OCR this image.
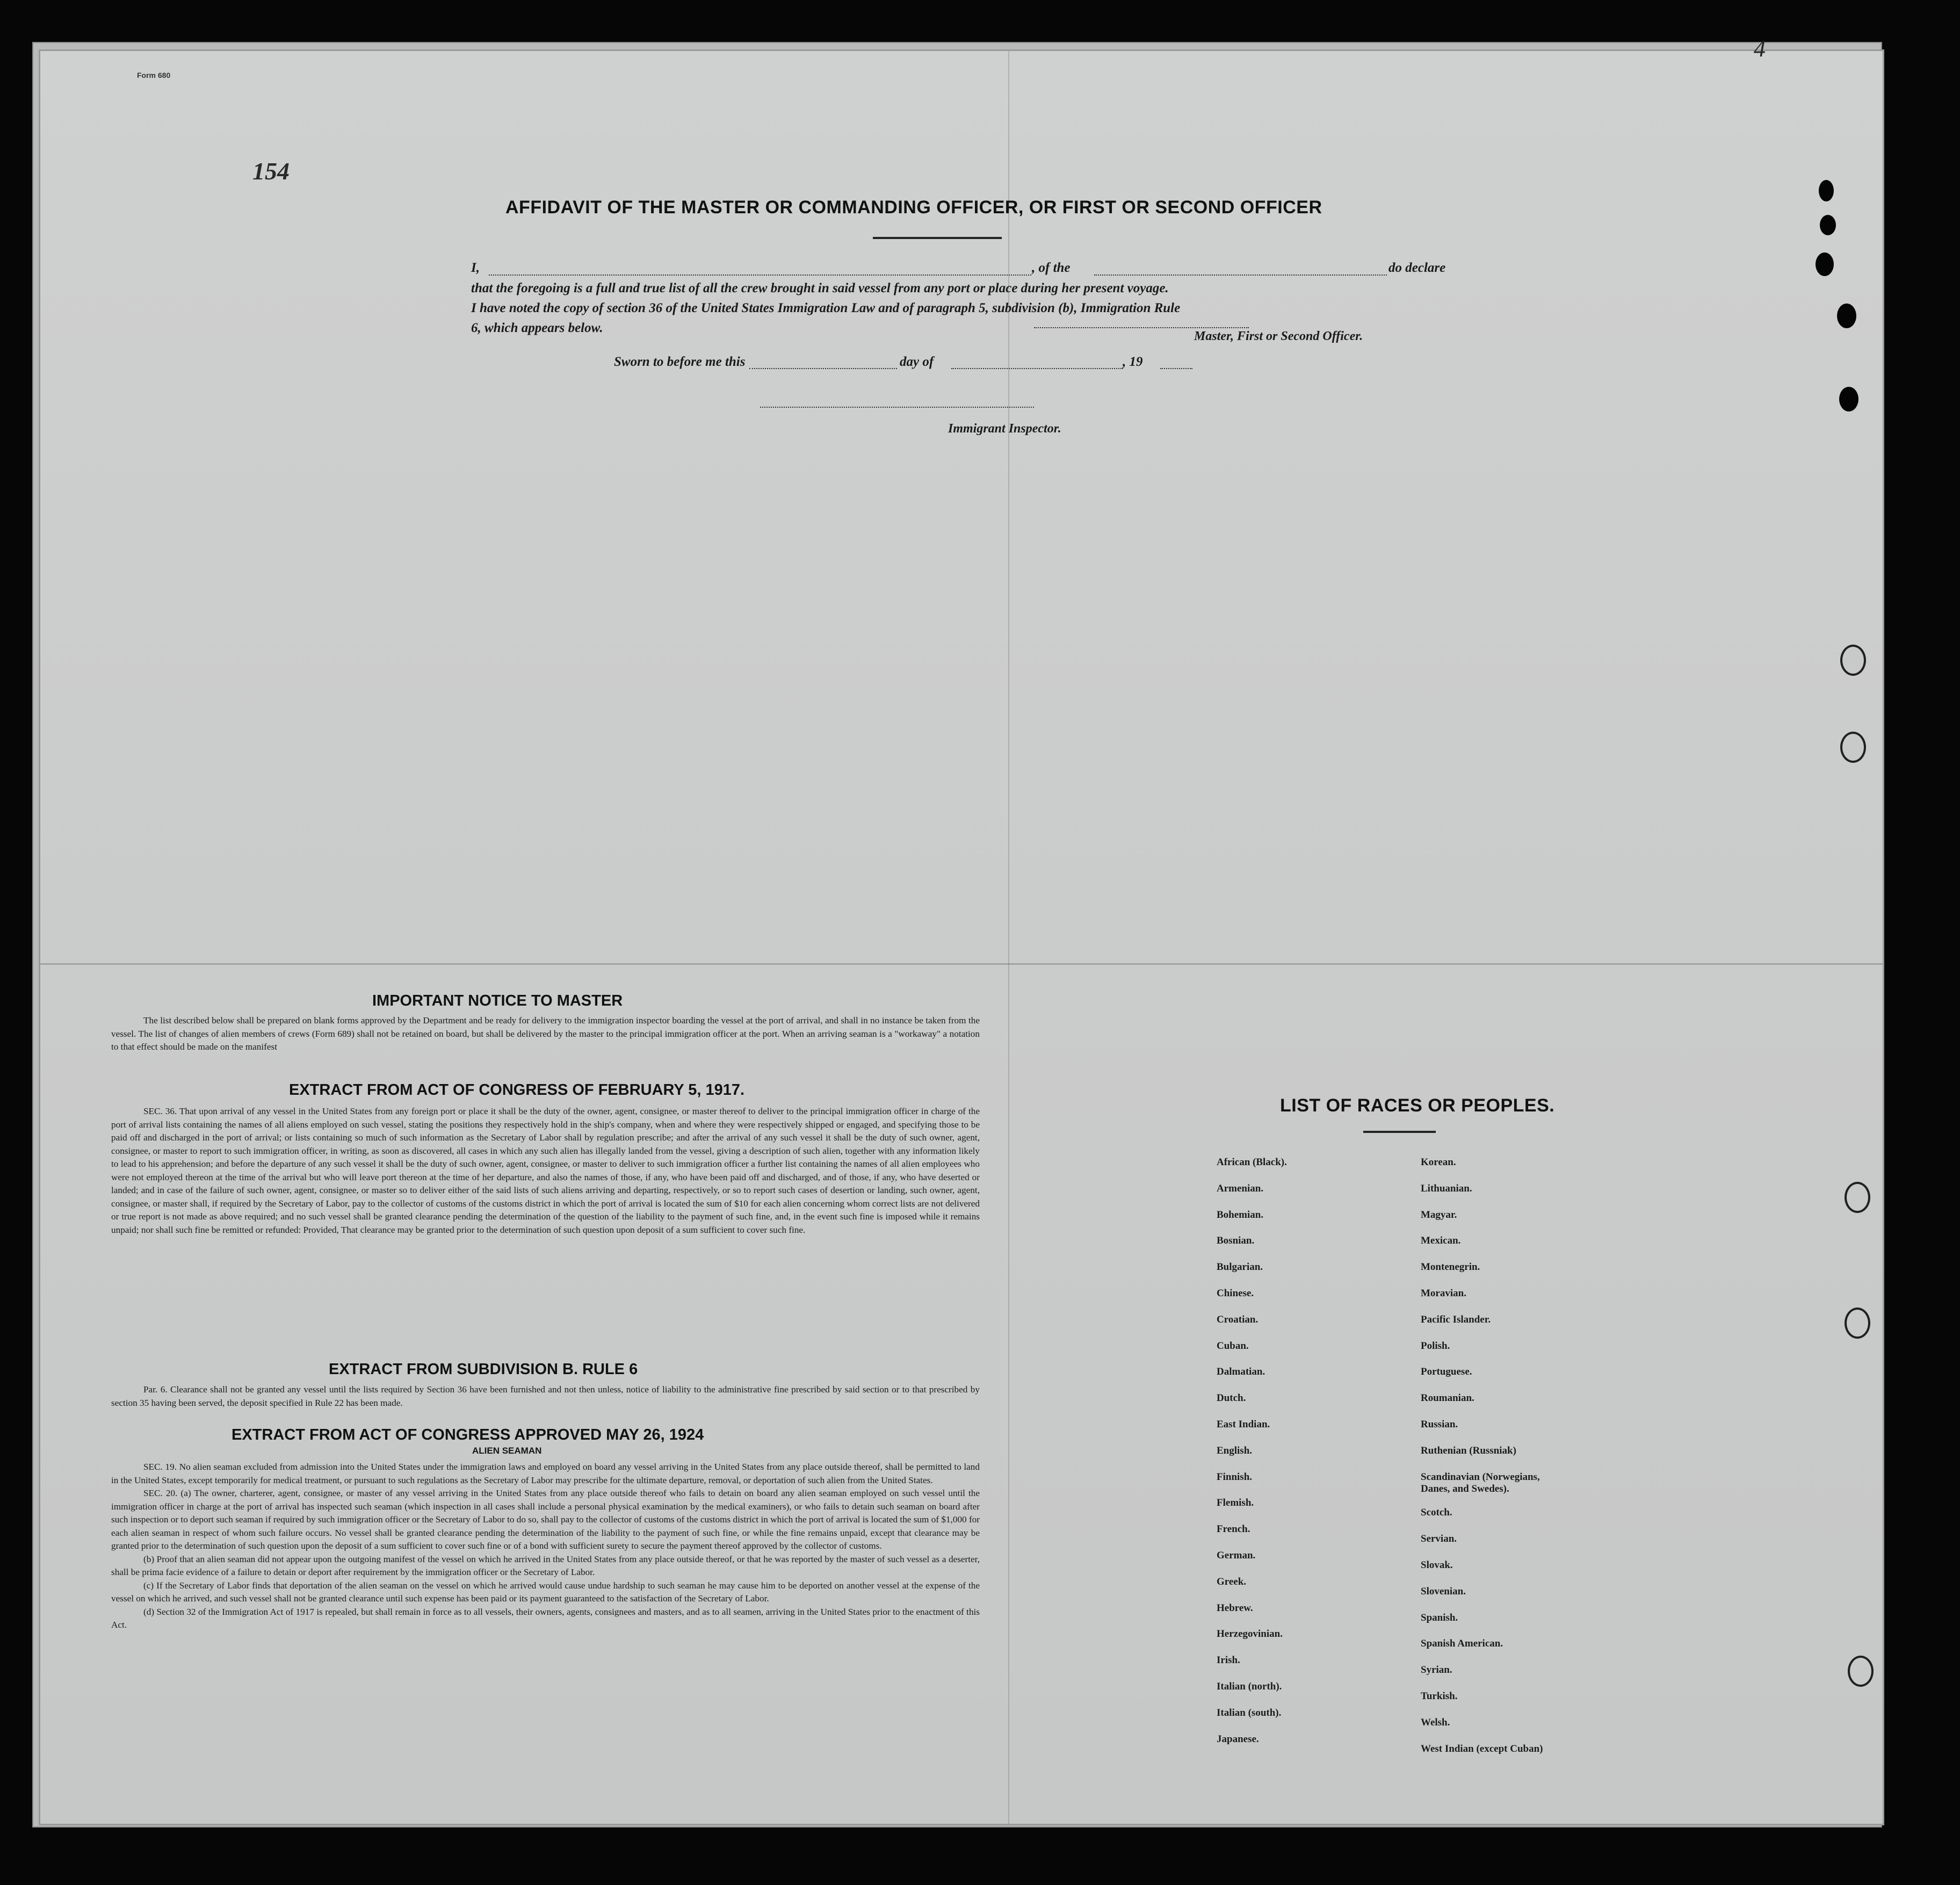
AFFIDAVIT OF THE MASTER OR COMMANDING OFFICER, OR FIRST OR SECOND OFFICER
I,	, of the	do declare
that the foregoing is a full and true list of all the crew brought in said vessel from any port or place during her present voyage.
I have noted the copy of section 36 of the United States Immigration Law and of paragraph 5, subdivision (b), Immigration Rule
6, which appears below.
Master, First or Second Officer.
Sworn to before me this	day of	, 19
Immigrant Inspector.
IMPORTANT NOTICE TO MASTER

The list described below shall be prepared on blank forms approved by the Department and be ready for delivery to the immigration inspector boarding the vessel at the port of arrival, and shall in no instance be taken from the vessel. The list of changes of alien members of crews (Form 689) shall not be retained on board, but shall be delivered by the master to the principal immigration officer at the port. When an arriving seaman is a "workaway" a notation to that effect should be made on the manifest

EXTRACT FROM ACT OF CONGRESS OF FEBRUARY 5, 1917.

SEC. 36. That upon arrival of any vessel in the United States from any foreign port or place it shall be the duty of the owner, agent, consignee, or master thereof to deliver to the principal immigration officer in charge of the port of arrival lists containing the names of all aliens employed on such vessel, stating the positions they respectively hold in the ship's company, when and where they were respectively shipped or engaged, and specifying those to be paid off and discharged in the port of arrival; or lists containing so much of such information as the Secretary of Labor shall by regulation prescribe; and after the arrival of any such vessel it shall be the duty of such owner, agent, consignee, or master to report to such immigration officer, in writing, as soon as discovered, all cases in which any such alien has illegally landed from the vessel, giving a description of such alien, together with any information likely to lead to his apprehension; and before the departure of any such vessel it shall be the duty of such owner, agent, consignee, or master to deliver to such immigration officer a further list containing the names of all alien employees who were not employed thereon at the time of the arrival but who will leave port thereon at the time of her departure, and also the names of those, if any, who have been paid off and discharged, and of those, if any, who have deserted or landed; and in case of the failure of such owner, agent, consignee, or master so to deliver either of the said lists of such aliens arriving and departing, respectively, or so to report such cases of desertion or landing, such owner, agent, consignee, or master shall, if required by the Secretary of Labor, pay to the collector of customs of the customs district in which the port of arrival is located the sum of $10 for each alien concerning whom correct lists are not delivered or true report is not made as above required; and no such vessel shall be granted clearance pending the determination of the question of the liability to the payment of such fine, and, in the event such fine is imposed while it remains unpaid; nor shall such fine be remitted or refunded: Provided, That clearance may be granted prior to the determination of such question upon deposit of a sum sufficient to cover such fine.

EXTRACT FROM SUBDIVISION B. RULE 6

Par. 6. Clearance shall not be granted any vessel until the lists required by Section 36 have been furnished and not then unless, notice of liability to the administrative fine prescribed by said section or to that prescribed by section 35 having been served, the deposit specified in Rule 22 has been made.

EXTRACT FROM ACT OF CONGRESS APPROVED MAY 26, 1924
ALIEN SEAMAN

SEC. 19. No alien seaman excluded from admission into the United States under the immigration laws and employed on board any vessel arriving in the United States from any place outside thereof, shall be permitted to land in the United States, except temporarily for medical treatment, or pursuant to such regulations as the Secretary of Labor may prescribe for the ultimate departure, removal, or deportation of such alien from the United States.

SEC. 20. (a) The owner, charterer, agent, consignee, or master of any vessel arriving in the United States from any place outside thereof who fails to detain on board any alien seaman employed on such vessel until the immigration officer in charge at the port of arrival has inspected such seaman (which inspection in all cases shall include a personal physical examination by the medical examiners), or who fails to detain such seaman on board after such inspection or to deport such seaman if required by such immigration officer or the Secretary of Labor to do so, shall pay to the collector of customs of the customs district in which the port of arrival is located the sum of $1,000 for each alien seaman in respect of whom such failure occurs. No vessel shall be granted clearance pending the determination of the liability to the payment of such fine, or while the fine remains unpaid, except that clearance may be granted prior to the determination of such question upon the deposit of a sum sufficient to cover such fine or of a bond with sufficient surety to secure the payment thereof approved by the collector of customs.

(b) Proof that an alien seaman did not appear upon the outgoing manifest of the vessel on which he arrived in the United States from any place outside thereof, or that he was reported by the master of such vessel as a deserter, shall be prima facie evidence of a failure to detain or deport after requirement by the immigration officer or the Secretary of Labor.

(c) If the Secretary of Labor finds that deportation of the alien seaman on the vessel on which he arrived would cause undue hardship to such seaman he may cause him to be deported on another vessel at the expense of the vessel on which he arrived, and such vessel shall not be granted clearance until such expense has been paid or its payment guaranteed to the satisfaction of the Secretary of Labor.

(d) Section 32 of the Immigration Act of 1917 is repealed, but shall remain in force as to all vessels, their owners, agents, consignees and masters, and as to all seamen, arriving in the United States prior to the enactment of this Act.

LIST OF RACES OR PEOPLES.
African (Black).
Armenian.
Bohemian.
Bosnian.
Bulgarian.
Chinese.
Croatian.
Cuban.
Dalmatian.
Dutch.
East Indian.
English.
Finnish.
Flemish.
French.
German.
Greek.
Hebrew.
Herzegovinian.
Irish.
Italian (north).
Italian (south).
Japanese.
Korean.
Lithuanian.
Magyar.
Mexican.
Montenegrin.
Moravian.
Pacific Islander.
Polish.
Portuguese.
Roumanian.
Russian.
Ruthenian (Russniak)
Scandinavian (Norwegians, Danes, and Swedes).
Scotch.
Servian.
Slovak.
Slovenian.
Spanish.
Spanish American.
Syrian.
Turkish.
Welsh.
West Indian (except Cuban)
Form 680
4
154
